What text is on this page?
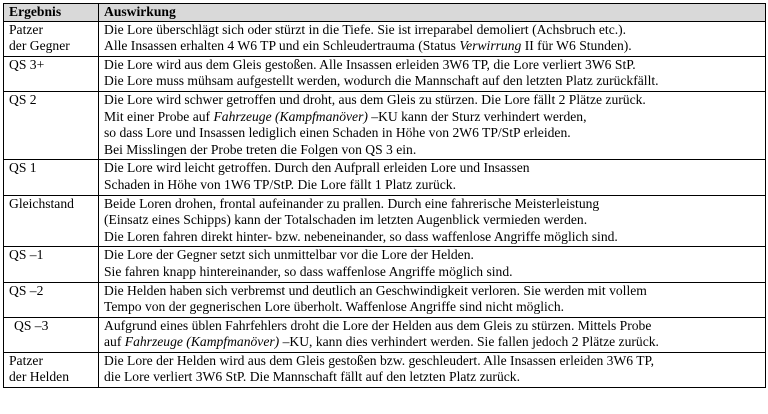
Ergebnis	Auswirkung

Patzer
der Gegner	Die Lore überschlägt sich oder stürzt in die Tiefe. Sie ist irreparabel demoliert (Achsbruch etc.).
Alle Insassen erhalten 4 W6 TP und ein Schleudertrauma (Status Verwirrung II für W6 Stunden).

QS 3+	Die Lore wird aus dem Gleis gestoßen. Alle Insassen erleiden 3W6 TP, die Lore verliert 3W6 StP.
Die Lore muss mühsam aufgestellt werden, wodurch die Mannschaft auf den letzten Platz zurückfällt.

QS 2	Die Lore wird schwer getroffen und droht, aus dem Gleis zu stürzen. Die Lore fällt 2 Plätze zurück.
Mit einer Probe auf Fahrzeuge (Kampfmanöver) –KU kann der Sturz verhindert werden,
so dass Lore und Insassen lediglich einen Schaden in Höhe von 2W6 TP/StP erleiden.
Bei Misslingen der Probe treten die Folgen von QS 3 ein.

QS 1	Die Lore wird leicht getroffen. Durch den Aufprall erleiden Lore und Insassen
Schaden in Höhe von 1W6 TP/StP. Die Lore fällt 1 Platz zurück.

Gleichstand	Beide Loren drohen, frontal aufeinander zu prallen. Durch eine fahrerische Meisterleistung
(Einsatz eines Schipps) kann der Totalschaden im letzten Augenblick vermieden werden.
Die Loren fahren direkt hinter- bzw. nebeneinander, so dass waffenlose Angriffe möglich sind.

QS –1	Die Lore der Gegner setzt sich unmittelbar vor die Lore der Helden.
Sie fahren knapp hintereinander, so dass waffenlose Angriffe möglich sind.

QS –2	Die Helden haben sich verbremst und deutlich an Geschwindigkeit verloren. Sie werden mit vollem
Tempo von der gegnerischen Lore überholt. Waffenlose Angriffe sind nicht möglich.

QS –3	Aufgrund eines üblen Fahrfehlers droht die Lore der Helden aus dem Gleis zu stürzen. Mittels Probe
auf Fahrzeuge (Kampfmanöver) –KU, kann dies verhindert werden. Sie fallen jedoch 2 Plätze zurück.

Patzer
der Helden	Die Lore der Helden wird aus dem Gleis gestoßen bzw. geschleudert. Alle Insassen erleiden 3W6 TP,
die Lore verliert 3W6 StP. Die Mannschaft fällt auf den letzten Platz zurück.
